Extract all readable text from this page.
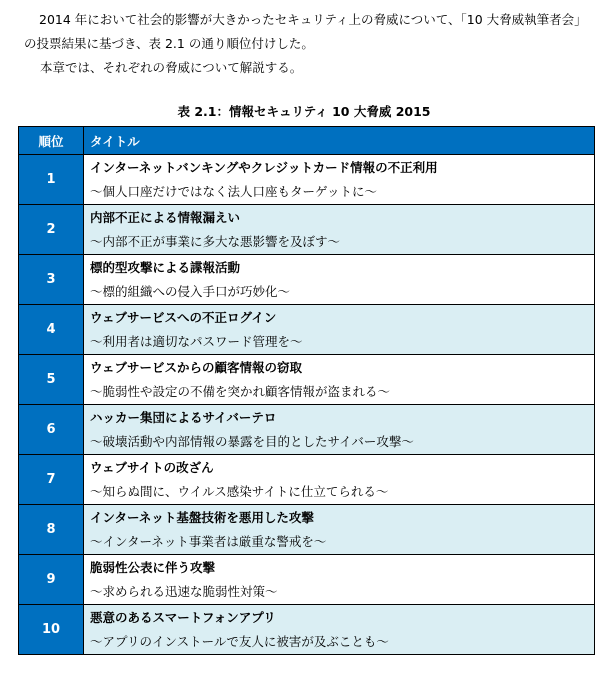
2014 年において社会的影響が大きかったセキュリティ上の脅威について、「10 大脅威執筆者会」の投票結果に基づき、表 2.1 の通り順位付けした。

本章では、それぞれの脅威について解説する。

表 2.1：情報セキュリティ 10 大脅威 2015
順位	タイトル
1	インターネットバンキングやクレジットカード情報の不正利用
～個人口座だけではなく法人口座もターゲットに～

2	内部不正による情報漏えい
～内部不正が事業に多大な悪影響を及ぼす～

3	標的型攻撃による諜報活動
～標的組織への侵入手口が巧妙化～

4	ウェブサービスへの不正ログイン
～利用者は適切なパスワード管理を～

5	ウェブサービスからの顧客情報の窃取
～脆弱性や設定の不備を突かれ顧客情報が盗まれる～

6	ハッカー集団によるサイバーテロ
～破壊活動や内部情報の暴露を目的としたサイバー攻撃～

7	ウェブサイトの改ざん
～知らぬ間に、ウイルス感染サイトに仕立てられる～

8	インターネット基盤技術を悪用した攻撃
～インターネット事業者は厳重な警戒を～

9	脆弱性公表に伴う攻撃
～求められる迅速な脆弱性対策～

10	悪意のあるスマートフォンアプリ
～アプリのインストールで友人に被害が及ぶことも～
